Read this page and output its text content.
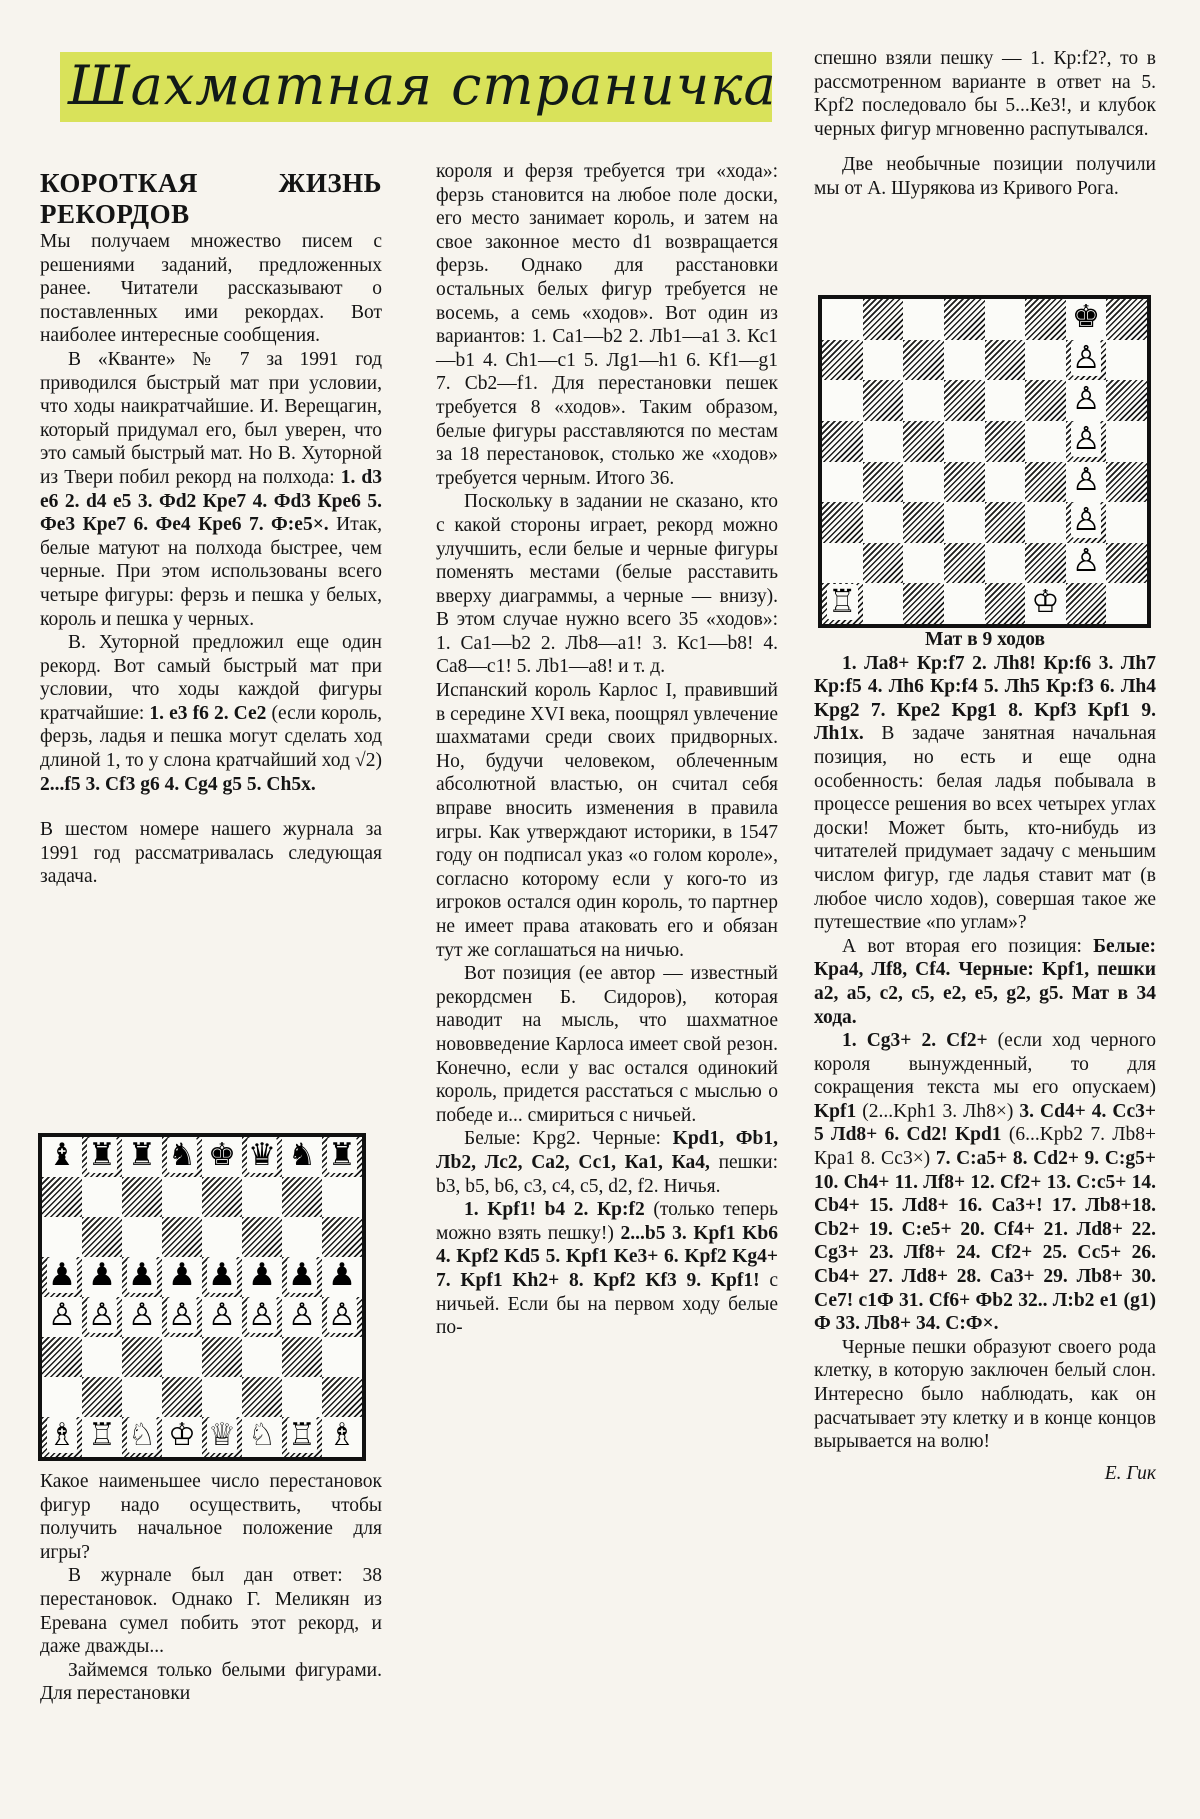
Шахматная страничка
КОРОТКАЯ ЖИЗНЬ РЕКОРДОВ

Мы получаем множество писем с решениями заданий, предложенных ранее. Читатели рассказывают о поставленных ими рекордах. Вот наиболее интересные сообщения.

В «Кванте» № 7 за 1991 год приводился быстрый мат при условии, что ходы наикратчайшие. И. Верещагин, который придумал его, был уверен, что это самый быстрый мат. Но В. Хуторной из Твери побил рекорд на полхода: 1. d3 e6 2. d4 e5 3. Фd2 Кре7 4. Фd3 Кре6 5. Фе3 Кре7 6. Фе4 Кре6 7. Ф:е5×. Итак, белые матуют на полхода быстрее, чем черные. При этом использованы всего четыре фигуры: ферзь и пешка у белых, король и пешка у черных.

В. Хуторной предложил еще один рекорд. Вот самый быстрый мат при условии, что ходы каждой фигуры кратчайшие: 1. е3 f6 2. Се2 (если король, ферзь, ладья и пешка могут сделать ход длиной 1, то у слона кратчайший ход √2) 2...f5 3. Cf3 g6 4. Cg4 g5 5. Ch5x.

В шестом номере нашего журнала за 1991 год рассматривалась следующая задача.

♝ ♜ ♜ ♞ ♚ ♛ ♞ ♜
♟ ♟ ♟ ♟ ♟ ♟ ♟ ♟
♙ ♙ ♙ ♙ ♙ ♙ ♙ ♙
♗ ♖ ♘ ♔ ♕ ♘ ♖ ♗

Какое наименьшее число перестановок фигур надо осуществить, чтобы получить начальное положение для игры?

В журнале был дан ответ: 38 перестановок. Однако Г. Меликян из Еревана сумел побить этот рекорд, и даже дважды...

Займемся только белыми фигурами. Для перестановки

короля и ферзя требуется три «хода»: ферзь становится на любое поле доски, его место занимает король, и затем на свое законное место d1 возвращается ферзь. Однако для расстановки остальных белых фигур требуется не восемь, а семь «ходов». Вот один из вариантов: 1. Са1—b2 2. Лb1—а1 3. Кс1—b1 4. Ch1—с1 5. Лg1—h1 6. Kf1—g1 7. Cb2—f1. Для перестановки пешек требуется 8 «ходов». Таким образом, белые фигуры расставляются по местам за 18 перестановок, столько же «ходов» требуется черным. Итого 36.

Поскольку в задании не сказано, кто с какой стороны играет, рекорд можно улучшить, если белые и черные фигуры поменять местами (белые расставить вверху диаграммы, а черные — внизу). В этом случае нужно всего 35 «ходов»: 1. Са1—b2 2. Лb8—а1! 3. Кс1—b8! 4. Са8—с1! 5. Лb1—а8! и т. д.

Испанский король Карлос I, правивший в середине XVI века, поощрял увлечение шахматами среди своих придворных. Но, будучи человеком, облеченным абсолютной властью, он считал себя вправе вносить изменения в правила игры. Как утверждают историки, в 1547 году он подписал указ «о голом короле», согласно которому если у кого-то из игроков остался один король, то партнер не имеет права атаковать его и обязан тут же соглашаться на ничью.

Вот позиция (ее автор — известный рекордсмен Б. Сидоров), которая наводит на мысль, что шахматное нововведение Карлоса имеет свой резон. Конечно, если у вас остался одинокий король, придется расстаться с мыслью о победе и... смириться с ничьей.

Белые: Kpg2. Черные: Kpd1, Фb1, Лb2, Лс2, Са2, Сс1, Ка1, Ка4, пешки: b3, b5, b6, с3, с4, с5, d2, f2. Ничья.

1. Kpf1! b4 2. Кр:f2 (только теперь можно взять пешку!) 2...b5 3. Kpf1 Kb6 4. Kpf2 Kd5 5. Kpf1 Ke3+ 6. Kpf2 Kg4+ 7. Kpf1 Kh2+ 8. Kpf2 Kf3 9. Kpf1! с ничьей. Если бы на первом ходу белые по-

спешно взяли пешку — 1. Кр:f2?, то в рассмотренном варианте в ответ на 5. Kpf2 последовало бы 5...Ке3!, и клубок черных фигур мгновенно распутывался.

Две необычные позиции получили мы от А. Шурякова из Кривого Рога.

♚
♙
♙
♙
♙
♙
♙
♖	♔

Мат в 9 ходов

1. Ла8+ Кр:f7 2. Лh8! Кр:f6 3. Лh7 Кр:f5 4. Лh6 Кр:f4 5. Лh5 Кр:f3 6. Лh4 Kpg2 7. Кре2 Kpg1 8. Kpf3 Kpf1 9. Лh1x. В задаче занятная начальная позиция, но есть и еще одна особенность: белая ладья побывала в процессе решения во всех четырех углах доски! Может быть, кто-нибудь из читателей придумает задачу с меньшим числом фигур, где ладья ставит мат (в любое число ходов), совершая такое же путешествие «по углам»?

А вот вторая его позиция: Белые: Кра4, Лf8, Cf4. Черные: Kpf1, пешки а2, а5, с2, с5, е2, е5, g2, g5. Мат в 34 хода.

1. Cg3+ 2. Cf2+ (если ход черного короля вынужденный, то для сокращения текста мы его опускаем) Kpf1 (2...Kph1 3. Лh8×) 3. Cd4+ 4. Cc3+ 5 Лd8+ 6. Cd2! Kpd1 (6...Kpb2 7. Лb8+ Кра1 8. Сс3×) 7. С:а5+ 8. Cd2+ 9. C:g5+ 10. Ch4+ 11. Лf8+ 12. Cf2+ 13. С:с5+ 14. Cb4+ 15. Лd8+ 16. Са3+! 17. Лb8+18. Cb2+ 19. С:е5+ 20. Cf4+ 21. Лd8+ 22. Cg3+ 23. Лf8+ 24. Cf2+ 25. Сс5+ 26. Cb4+ 27. Лd8+ 28. Са3+ 29. Лb8+ 30. Се7! с1Ф 31. Cf6+ Фb2 32.. Л:b2 е1 (g1) Ф 33. Лb8+ 34. С:Ф×.

Черные пешки образуют своего рода клетку, в которую заключен белый слон. Интересно было наблюдать, как он расчатывает эту клетку и в конце концов вырывается на волю!

Е. Гик
